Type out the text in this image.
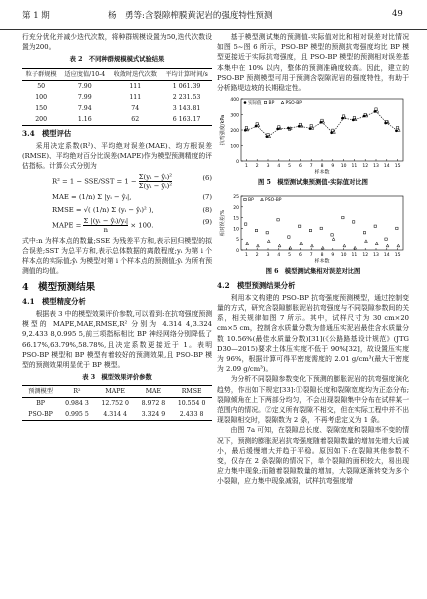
第 1 期	杨　勇等:含裂隙榨膜黄泥岩的强度特性预测	49

行充分优化并减少迭代次数，将种群规模设置为50,迭代次数设置为200。

表 2　不同种群规模模式试验结果
粒子群规模	适应度值/10-4	收敛时迭代次数	平均计算时间/s
50	7.90	111	1 061.39
100	7.99	111	2 231.53
150	7.94	74	3 143.81
200	1.16	62	6 163.17
3.4　模型评估

采用决定系数(R²)、平均绝对误差(MAE)、均方根误差(RMSE)、平均绝对百分比误差(MAPE)作为模型预测精度的评估指标。计算公式分别为

$R^2 = 1 - SSE/SST = 1 - \frac{\text{Σ(yᵢ − ŷᵢ)²}}{\text{Σ(yᵢ − ȳᵢ)²}}$	(6)
MAE = (1/n) Σ |yᵢ − ŷᵢ|,	(7)
RMSE = √( (1/n) Σ (yᵢ − ŷᵢ)² ),	(8)
MAPE = $\frac{\text{Σ |(yᵢ − ŷᵢ)/yᵢ|}}{n} \times 100$.	(9)

式中:n 为样本点的数量;SSE 为残差平方和,表示回归模型的拟合误差;SST 为总平方和,表示总体数据的离散程度;yᵢ 为第 i 个样本点的实际值;ŷᵢ 为模型对第 i 个样本点的预测值;ȳᵢ 为所有预测值的均值。

4　模型预测结果
4.1　模型精度分析

根据表 3 中的模型效果评价参数,可以看到:在抗弯强度预测模型的 MAPE,MAE,RMSE,R² 分别为 4.314 4,3.324 9,2.433 8,0.995 5,前三项指标相比 BP 神经网络分别降低了 66.17%,63.79%,58.78%,且决定系数更接近于 1。表明 PSO-BP 模型和 BP 模型有着较好的预测效果,且 PSO-BP 模型的预测效果明显优于 BP 模型。

表 3　模型效果评价参数
预测模型	R²	MAPE	MAE	RMSE
BP	0.984 3	12.752 0	8.972 8	10.554 0
PSO-BP	0.995 5	4.314 4	3.324 9	2.433 8

基于模型测试集的预测值-实际值对比和相对误差对比情况如图 5~图 6 所示，PSO-BP 模型的预测抗弯强度均比 BP 模型更接近于实际抗弯强度，且 PSO-BP 模型的预测相对误差基本集中在 10% 以内，整体的预测准确度较高。因此，建立的 PSO-BP 预测模型可用于预测含裂隙泥岩的强度特性，有助于分析路堤边坡的长期稳定性。

0
100
200
300
400
1 2 3 4 5 6 7 8 9 10 11 12 13 14 15
样本数
抗弯强度/kPa
实际值 BP PSO-BP
图 5　模型测试集预测值-实际值对比图
0
5
10
15
20
25
1 2 3 4 5 6 7 8 9 10 11 12 13 14 15
样本数
相对误差/%
BP PSO-BP
图 6　模型测试集相对误差对比图
4.2　模型预测结果分析

利用本文构建的 PSO-BP 抗弯强度预测模型，通过控制变量的方式，研究含裂隙膨胀泥岩抗弯强度与不同裂隙参数间的关系，相关规律如图 7 所示。其中，试样尺寸为 30 cm×20 cm×5 cm，控制含水质量分数为普通压实泥岩最佳含水质量分数 10.56%(最佳水质量分数)[31](《公路路基设计规范》(JTG D30—2015)要求土体压实度不低于 90%[32]，故设置压实度为 96%，根据计算可得平密度需度的 2.01 g/cm³(最大干密度为 2.09 g/cm³)。

为分析不同裂隙参数变化下预测的膨胀泥岩的抗弯强度演化趋势，作出如下规定[33]:①裂隙长度和裂隙宽度均为正态分布;裂隙倾角在上下两部分均匀，不会出现裂隙集中分布在试样某一范围内的情况。②定义所有裂隙不相交，但在实际工程中并不出现裂隙相交时，裂隙数为 2 条，不再考虑定义为 1 条。

由图 7a 可知，在裂隙总长度、裂隙宽度和裂隙率不变的情况下，预测的膨胀泥岩抗弯强度随着裂隙数量的增加先增大后减小，最后缓慢增大并趋于平稳。原因如下:在裂隙其他参数不变，仅存在 2 条裂隙的情况下，单个裂隙的面积较大，易出现应力集中现象;而随着裂隙数量的增加，大裂隙逐渐转变为多个小裂隙，应力集中现象减弱，试样抗弯强度增
